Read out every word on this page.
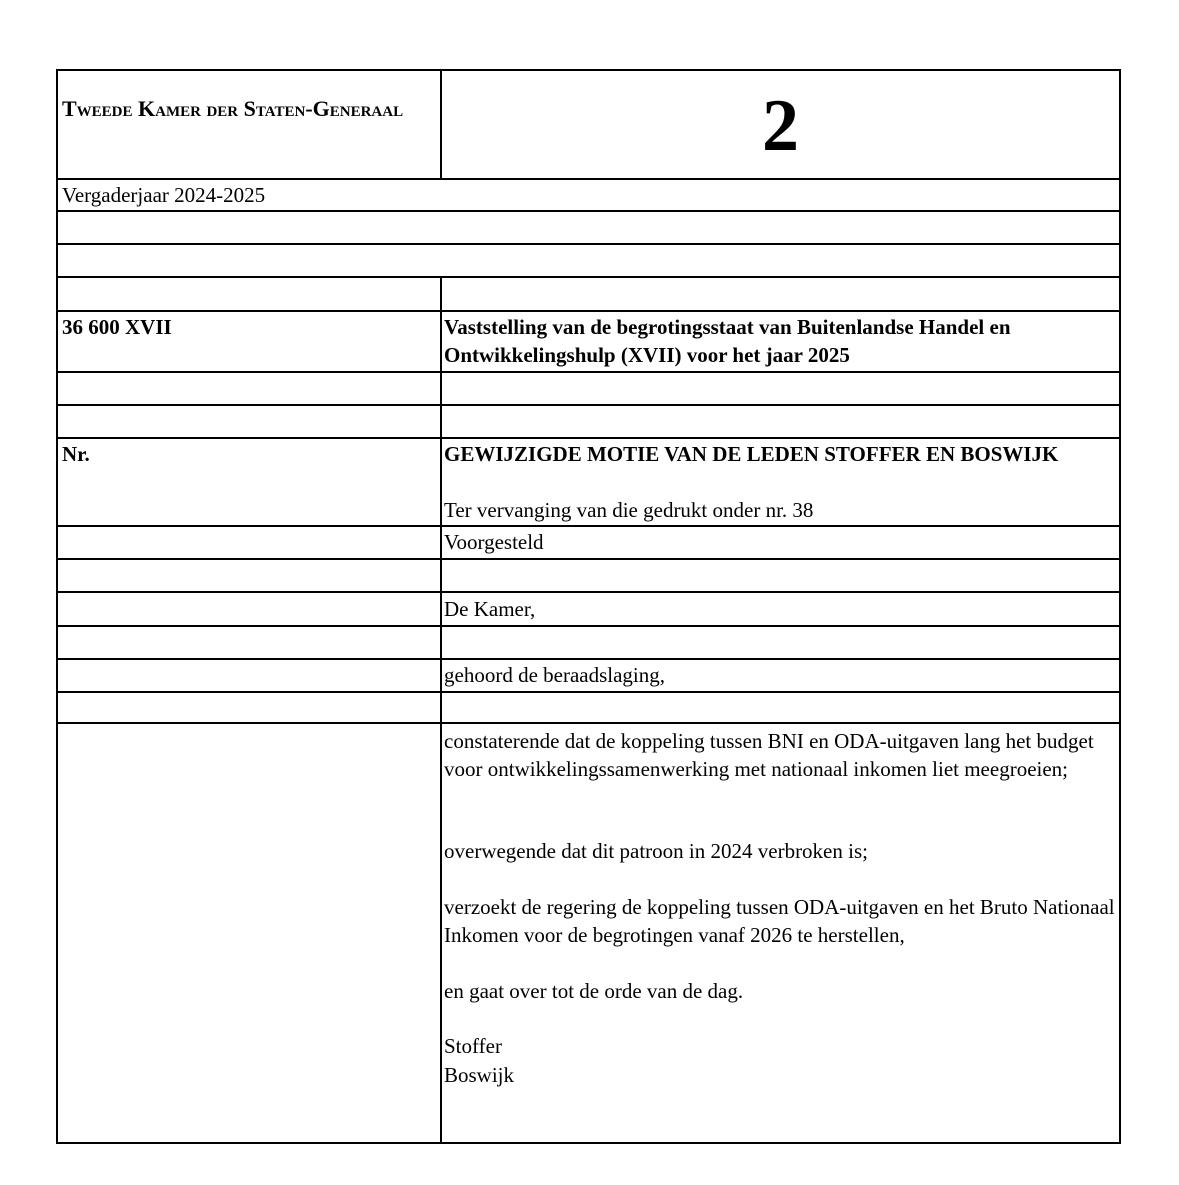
Tweede Kamer der Staten-Generaal	2
Vergaderjaar 2024-2025
36 600 XVII	Vaststelling van de begrotingsstaat van Buitenlandse Handel en Ontwikkelingshulp (XVII) voor het jaar 2025
Nr.	GEWIJZIGDE MOTIE VAN DE LEDEN STOFFER EN BOSWIJK
Ter vervanging van die gedrukt onder nr. 38
Voorgesteld
De Kamer,
gehoord de beraadslaging,
constaterende dat de koppeling tussen BNI en ODA-uitgaven lang het budget voor ontwikkelingssamenwerking met nationaal inkomen liet meegroeien;
overwegende dat dit patroon in 2024 verbroken is;
verzoekt de regering de koppeling tussen ODA-uitgaven en het Bruto Nationaal Inkomen voor de begrotingen vanaf 2026 te herstellen,
en gaat over tot de orde van de dag.
Stoffer
Boswijk
